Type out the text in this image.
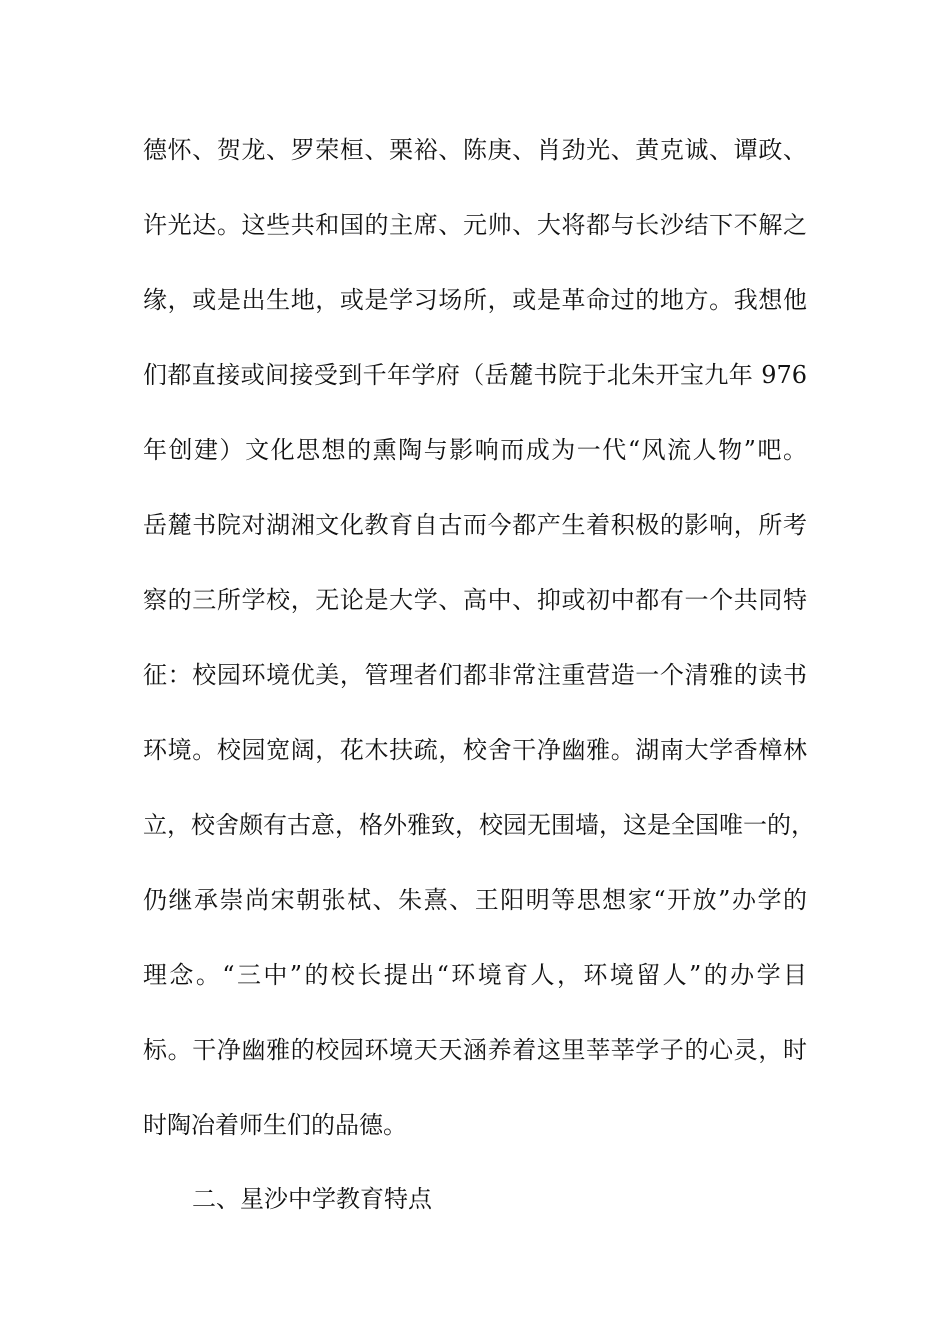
德怀、贺龙、罗荣桓、栗裕、陈庚、肖劲光、黄克诚、谭政、
许光达。这些共和国的主席、元帅、大将都与长沙结下不解之
缘，或是出生地，或是学习场所，或是革命过的地方。我想他
们都直接或间接受到千年学府（岳麓书院于北朱开宝九年 976
年创建）文化思想的熏陶与影响而成为一代“风流人物”吧。
岳麓书院对湖湘文化教育自古而今都产生着积极的影响，所考
察的三所学校，无论是大学、高中、抑或初中都有一个共同特
征：校园环境优美，管理者们都非常注重营造一个清雅的读书
环境。校园宽阔，花木扶疏，校舍干净幽雅。湖南大学香樟林
立，校舍颇有古意，格外雅致，校园无围墙，这是全国唯一的，
仍继承崇尚宋朝张栻、朱熹、王阳明等思想家“开放”办学的
理念。“三中”的校长提出“环境育人，环境留人”的办学目
标。干净幽雅的校园环境天天涵养着这里莘莘学子的心灵，时
时陶冶着师生们的品德。
二、星沙中学教育特点
